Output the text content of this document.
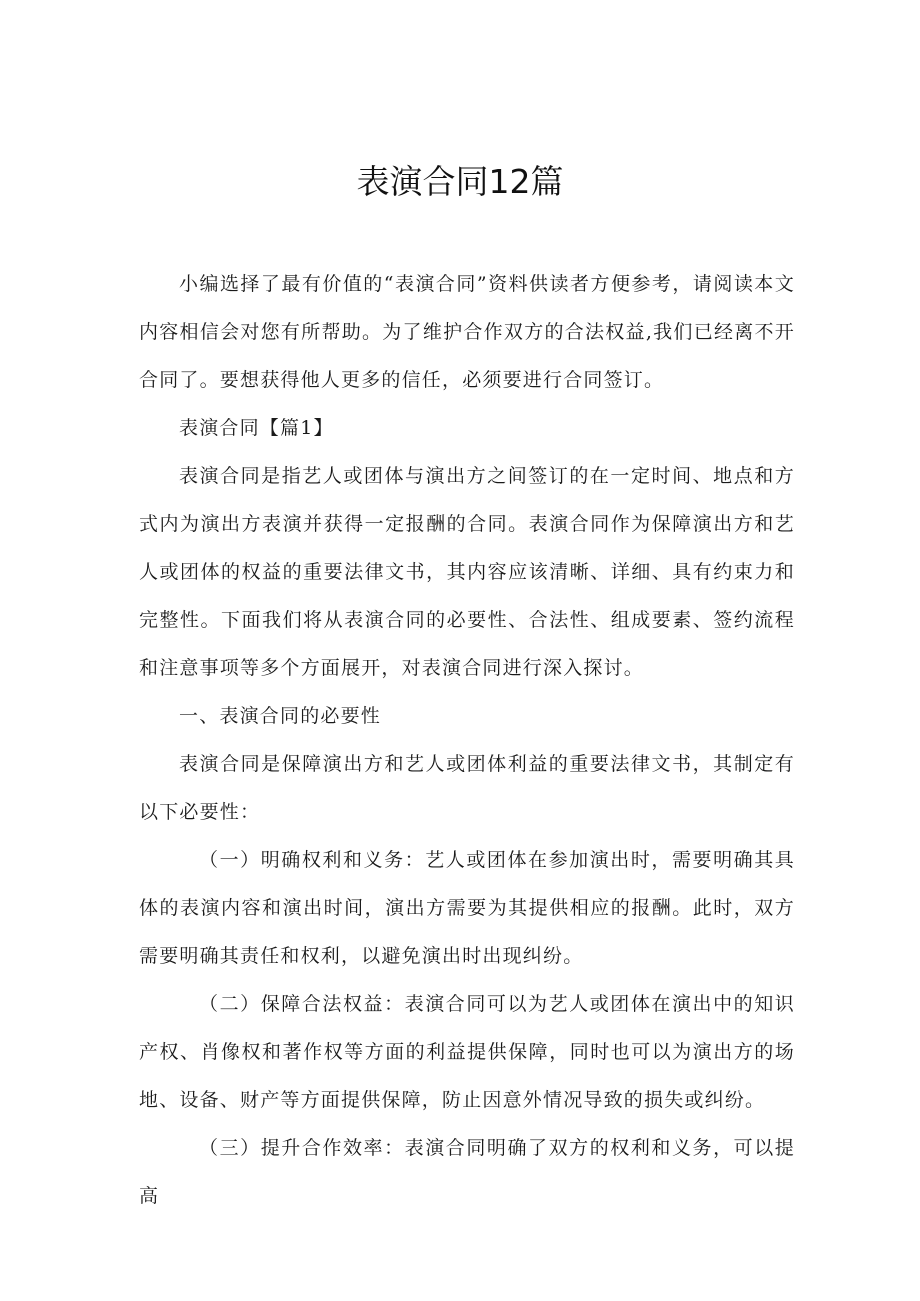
表演合同12篇

小编选择了最有价值的“表演合同”资料供读者方便参考，请阅读本文内容相信会对您有所帮助。为了维护合作双方的合法权益,我们已经离不开合同了。要想获得他人更多的信任，必须要进行合同签订。

表演合同【篇1】

表演合同是指艺人或团体与演出方之间签订的在一定时间、地点和方式内为演出方表演并获得一定报酬的合同。表演合同作为保障演出方和艺人或团体的权益的重要法律文书，其内容应该清晰、详细、具有约束力和完整性。下面我们将从表演合同的必要性、合法性、组成要素、签约流程和注意事项等多个方面展开，对表演合同进行深入探讨。

一、表演合同的必要性

表演合同是保障演出方和艺人或团体利益的重要法律文书，其制定有以下必要性：

（一）明确权利和义务：艺人或团体在参加演出时，需要明确其具体的表演内容和演出时间，演出方需要为其提供相应的报酬。此时，双方需要明确其责任和权利，以避免演出时出现纠纷。

（二）保障合法权益：表演合同可以为艺人或团体在演出中的知识产权、肖像权和著作权等方面的利益提供保障，同时也可以为演出方的场地、设备、财产等方面提供保障，防止因意外情况导致的损失或纠纷。

（三）提升合作效率：表演合同明确了双方的权利和义务，可以提高
